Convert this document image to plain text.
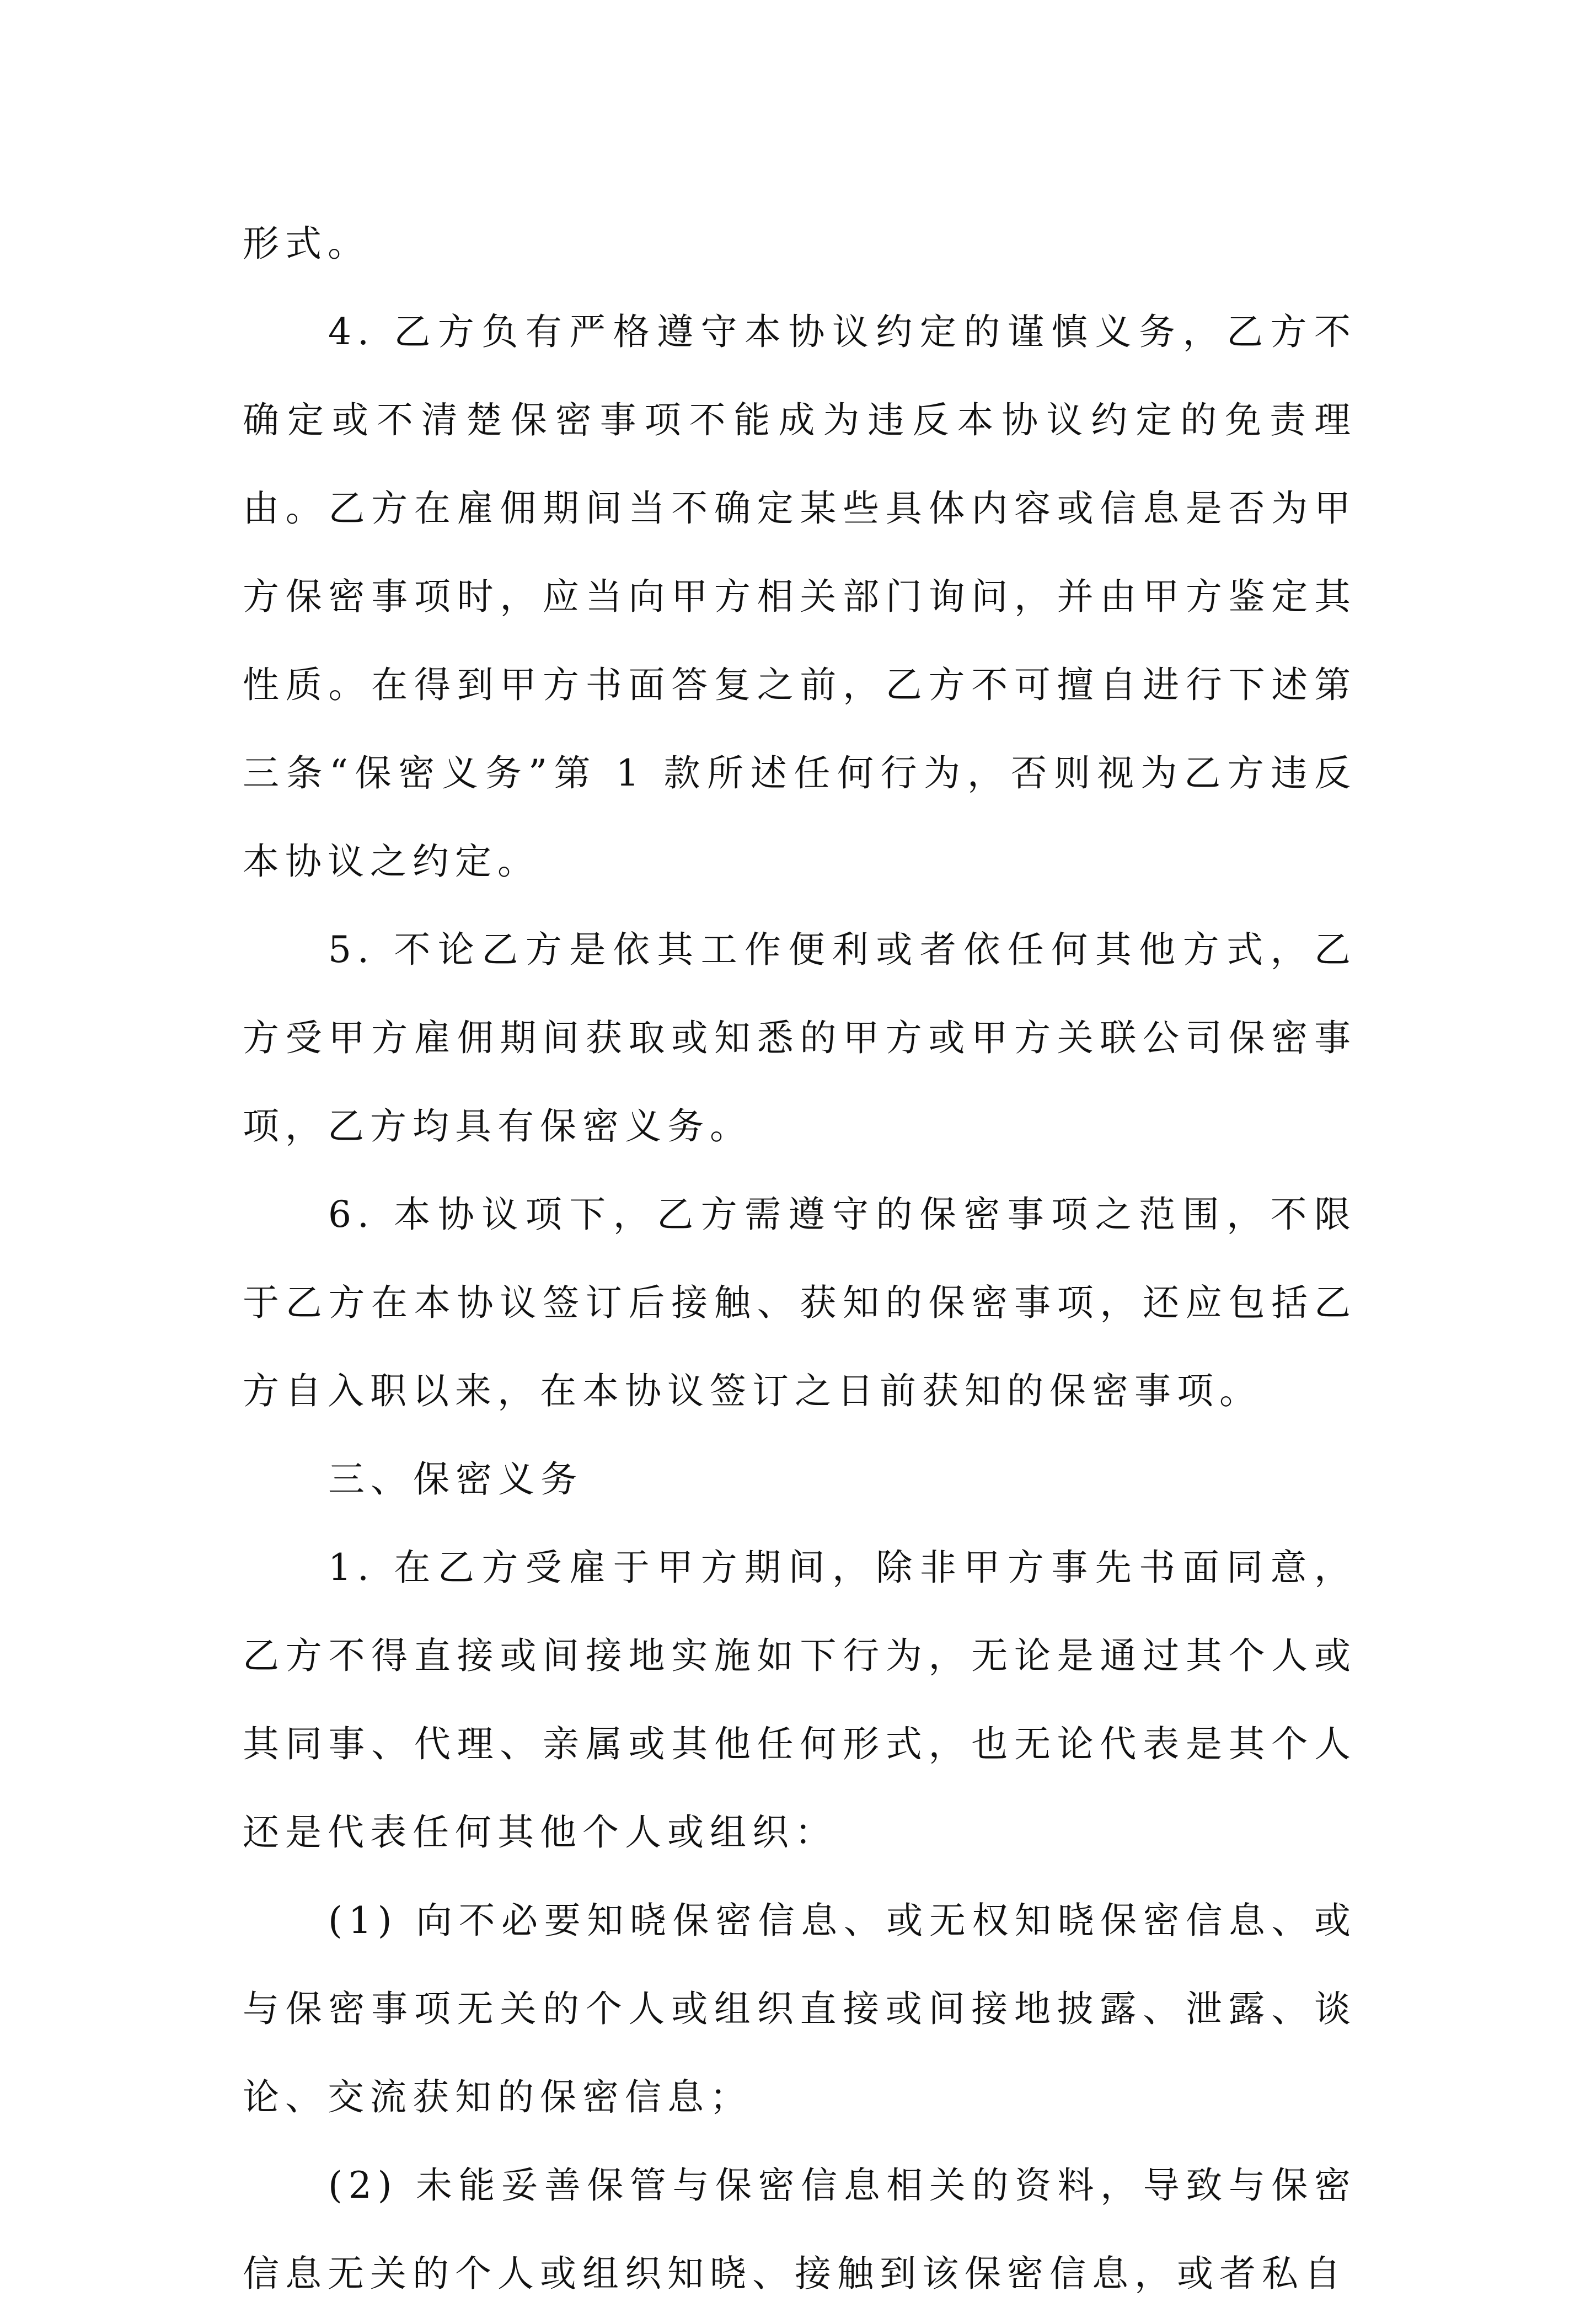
形式。

4. 乙方负有严格遵守本协议约定的谨慎义务，乙方不确定或不清楚保密事项不能成为违反本协议约定的免责理由。乙方在雇佣期间当不确定某些具体内容或信息是否为甲方保密事项时，应当向甲方相关部门询问，并由甲方鉴定其性质。在得到甲方书面答复之前，乙方不可擅自进行下述第三条“保密义务”第 1 款所述任何行为，否则视为乙方违反本协议之约定。

5. 不论乙方是依其工作便利或者依任何其他方式，乙方受甲方雇佣期间获取或知悉的甲方或甲方关联公司保密事项，乙方均具有保密义务。

6. 本协议项下，乙方需遵守的保密事项之范围，不限于乙方在本协议签订后接触、获知的保密事项，还应包括乙方自入职以来，在本协议签订之日前获知的保密事项。

三、保密义务

1. 在乙方受雇于甲方期间，除非甲方事先书面同意，乙方不得直接或间接地实施如下行为，无论是通过其个人或其同事、代理、亲属或其他任何形式，也无论代表是其个人还是代表任何其他个人或组织：

(1) 向不必要知晓保密信息、或无权知晓保密信息、或与保密事项无关的个人或组织直接或间接地披露、泄露、谈论、交流获知的保密信息；

(2) 未能妥善保管与保密信息相关的资料，导致与保密信息无关的个人或组织知晓、接触到该保密信息，或者私自
